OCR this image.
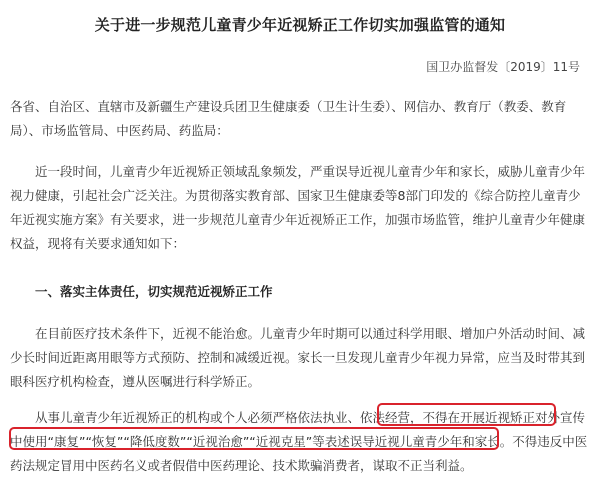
关于进一步规范儿童青少年近视矫正工作切实加强监管的通知
国卫办监督发〔2019〕11号
各省、自治区、直辖市及新疆生产建设兵团卫生健康委（卫生计生委）、网信办、教育厅（教委、教育局）、市场监管局、中医药局、药监局：
近一段时间，儿童青少年近视矫正领域乱象频发，严重误导近视儿童青少年和家长，威胁儿童青少年视力健康，引起社会广泛关注。为贯彻落实教育部、国家卫生健康委等8部门印发的《综合防控儿童青少年近视实施方案》有关要求，进一步规范儿童青少年近视矫正工作，加强市场监管，维护儿童青少年健康权益，现将有关要求通知如下：
一、落实主体责任，切实规范近视矫正工作
在目前医疗技术条件下，近视不能治愈。儿童青少年时期可以通过科学用眼、增加户外活动时间、减少长时间近距离用眼等方式预防、控制和减缓近视。家长一旦发现儿童青少年视力异常，应当及时带其到眼科医疗机构检查，遵从医嘱进行科学矫正。
从事儿童青少年近视矫正的机构或个人必须严格依法执业、依法经营，不得在开展近视矫正对外宣传中使用“康复”“恢复”“降低度数”“近视治愈”“近视克星”等表述误导近视儿童青少年和家长。不得违反中医药法规定冒用中医药名义或者假借中医药理论、技术欺骗消费者，谋取不正当利益。
